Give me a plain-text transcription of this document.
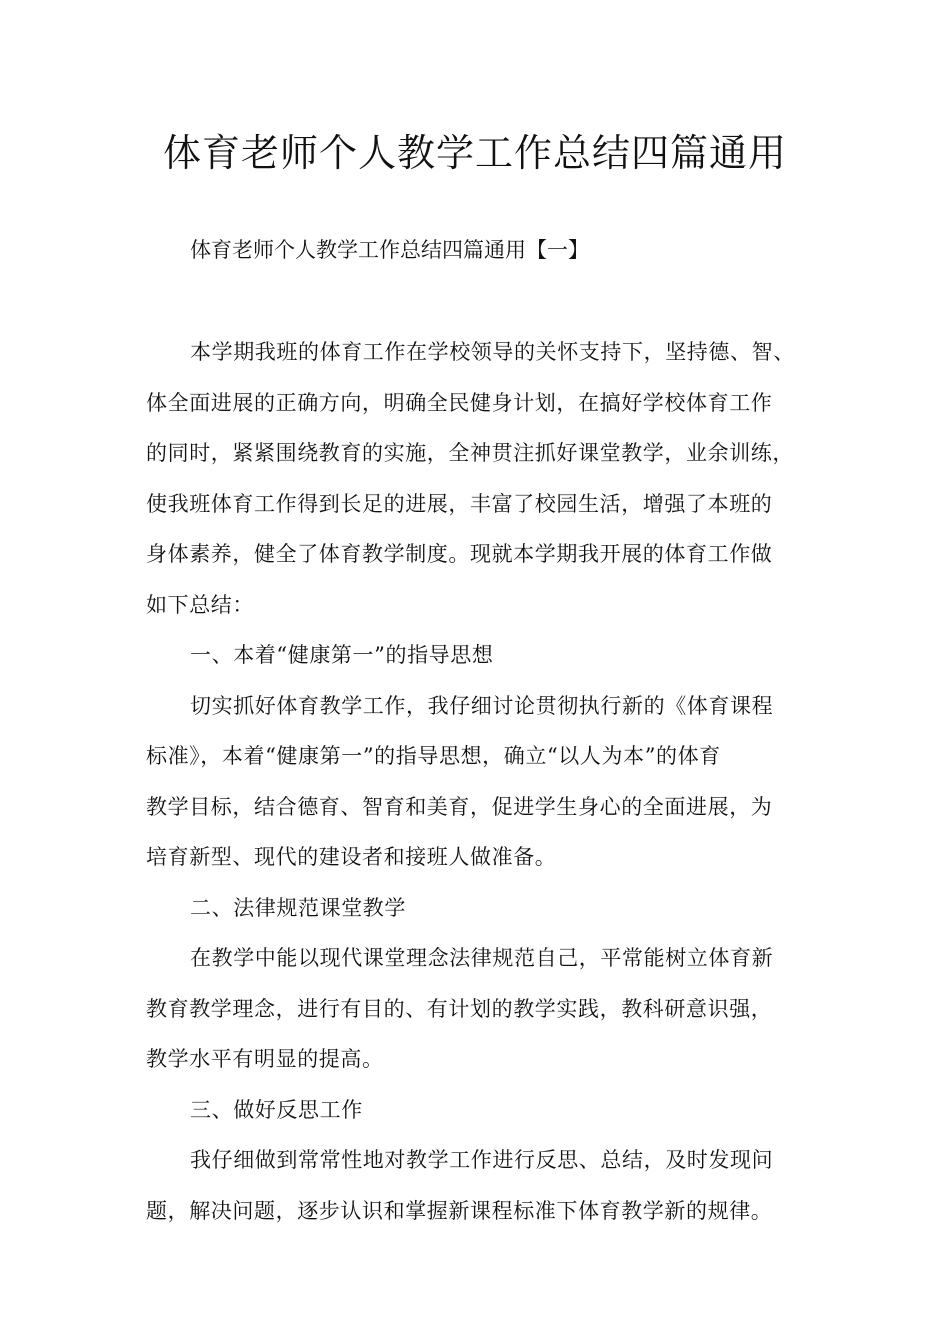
体育老师个人教学工作总结四篇通用
体育老师个人教学工作总结四篇通用【一】
本学期我班的体育工作在学校领导的关怀支持下，坚持德、智、
体全面进展的正确方向，明确全民健身计划，在搞好学校体育工作
的同时，紧紧围绕教育的实施，全神贯注抓好课堂教学，业余训练，
使我班体育工作得到长足的进展，丰富了校园生活，增强了本班的
身体素养，健全了体育教学制度。现就本学期我开展的体育工作做
如下总结：
一、本着“健康第一”的指导思想
切实抓好体育教学工作，我仔细讨论贯彻执行新的《体育课程
标准》，本着“健康第一”的指导思想，确立“以人为本”的体育
教学目标，结合德育、智育和美育，促进学生身心的全面进展，为
培育新型、现代的建设者和接班人做准备。
二、法律规范课堂教学
在教学中能以现代课堂理念法律规范自己，平常能树立体育新
教育教学理念，进行有目的、有计划的教学实践，教科研意识强，
教学水平有明显的提高。
三、做好反思工作
我仔细做到常常性地对教学工作进行反思、总结，及时发现问
题，解决问题，逐步认识和掌握新课程标准下体育教学新的规律。
